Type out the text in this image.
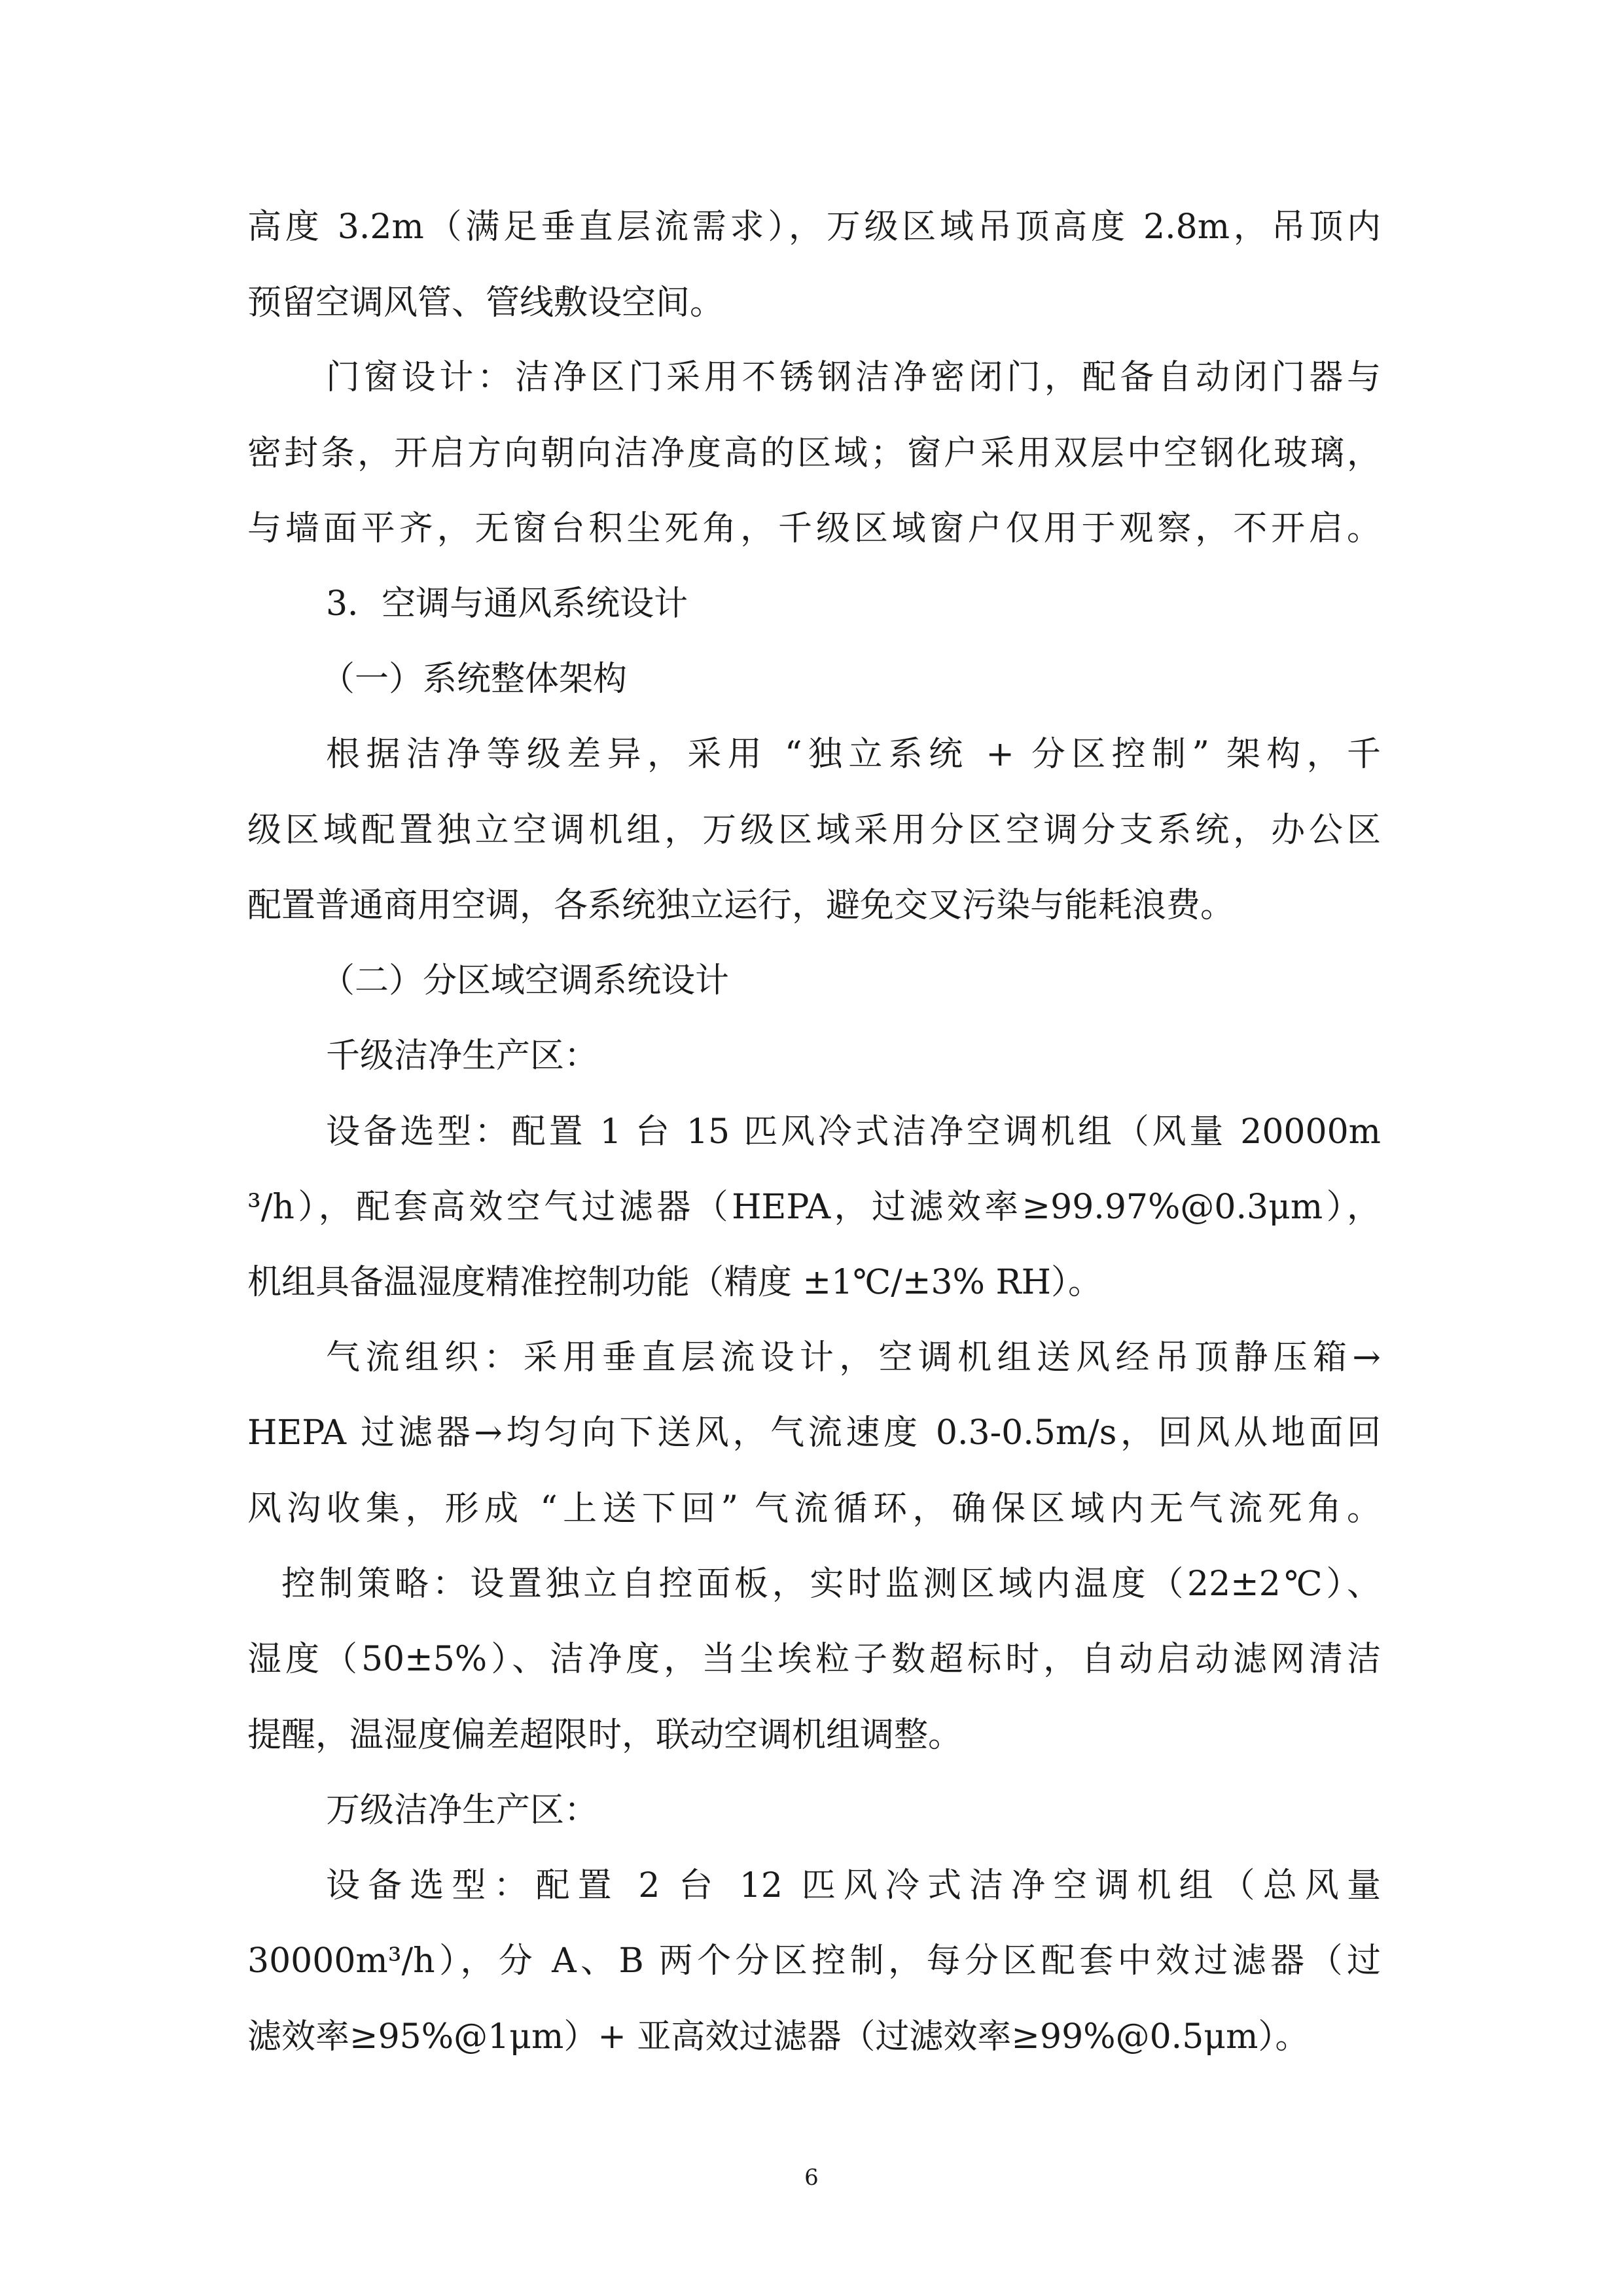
高度 3.2m（满足垂直层流需求），万级区域吊顶高度 2.8m，吊顶内
预留空调风管、管线敷设空间。
门窗设计：洁净区门采用不锈钢洁净密闭门，配备自动闭门器与
密封条，开启方向朝向洁净度高的区域；窗户采用双层中空钢化玻璃，
与墙面平齐，无窗台积尘死角，千级区域窗户仅用于观察，不开启。
3．空调与通风系统设计
（一）系统整体架构
根据洁净等级差异，采用 “独立系统 + 分区控制” 架构，千
级区域配置独立空调机组，万级区域采用分区空调分支系统，办公区
配置普通商用空调，各系统独立运行，避免交叉污染与能耗浪费。
（二）分区域空调系统设计
千级洁净生产区：
设备选型：配置 1 台 15 匹风冷式洁净空调机组（风量 20000m
³/h），配套高效空气过滤器（HEPA，过滤效率≥99.97%@0.3μm），
机组具备温湿度精准控制功能（精度 ±1℃/±3% RH）。
气流组织：采用垂直层流设计，空调机组送风经吊顶静压箱→
HEPA 过滤器→均匀向下送风，气流速度 0.3-0.5m/s，回风从地面回
风沟收集，形成 “上送下回” 气流循环，确保区域内无气流死角。
控制策略：设置独立自控面板，实时监测区域内温度（22±2℃）、
湿度（50±5%）、洁净度，当尘埃粒子数超标时，自动启动滤网清洁
提醒，温湿度偏差超限时，联动空调机组调整。
万级洁净生产区：
设备选型：配置 2 台 12 匹风冷式洁净空调机组（总风量
30000m³/h），分 A、B 两个分区控制，每分区配套中效过滤器（过
滤效率≥95%@1μm）+ 亚高效过滤器（过滤效率≥99%@0.5μm）。
6
